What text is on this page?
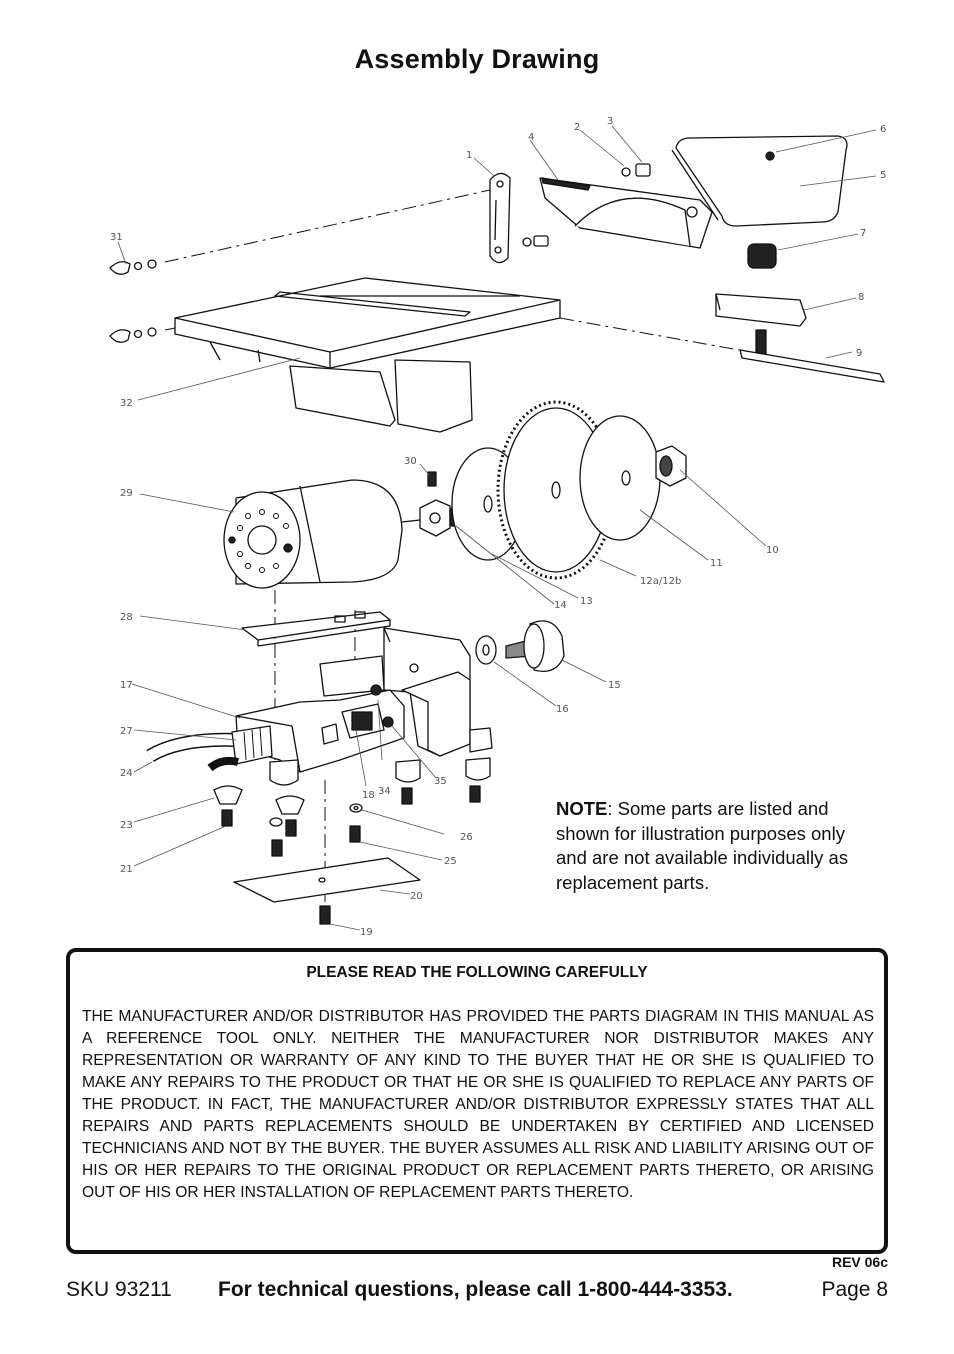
Assembly Drawing
1
2
3
4
5
6
7
8
9
10
11
12a/12b
13
14
15
16
17
18
19
20
21
23
24
25
26
27
28
29
30
31
32
34
35
NOTE: Some parts are listed and shown for illustration purposes only and are not available individually as replacement parts.
PLEASE READ THE FOLLOWING CAREFULLY
THE MANUFACTURER AND/OR DISTRIBUTOR HAS PROVIDED THE PARTS DIAGRAM IN THIS MANUAL AS A REFERENCE TOOL ONLY. NEITHER THE MANUFACTURER NOR DISTRIBUTOR MAKES ANY REPRESENTATION OR WARRANTY OF ANY KIND TO THE BUYER THAT HE OR SHE IS QUALIFIED TO MAKE ANY REPAIRS TO THE PRODUCT OR THAT HE OR SHE IS QUALIFIED TO REPLACE ANY PARTS OF THE PRODUCT. IN FACT, THE MANUFACTURER AND/OR DISTRIBUTOR EXPRESSLY STATES THAT ALL REPAIRS AND PARTS REPLACEMENTS SHOULD BE UNDERTAKEN BY CERTIFIED AND LICENSED TECHNICIANS AND NOT BY THE BUYER. THE BUYER ASSUMES ALL RISK AND LIABILITY ARISING OUT OF HIS OR HER REPAIRS TO THE ORIGINAL PRODUCT OR REPLACEMENT PARTS THERETO, OR ARISING OUT OF HIS OR HER INSTALLATION OF REPLACEMENT PARTS THERETO.
REV 06c
SKU 93211 For technical questions, please call 1-800-444-3353.	Page 8
